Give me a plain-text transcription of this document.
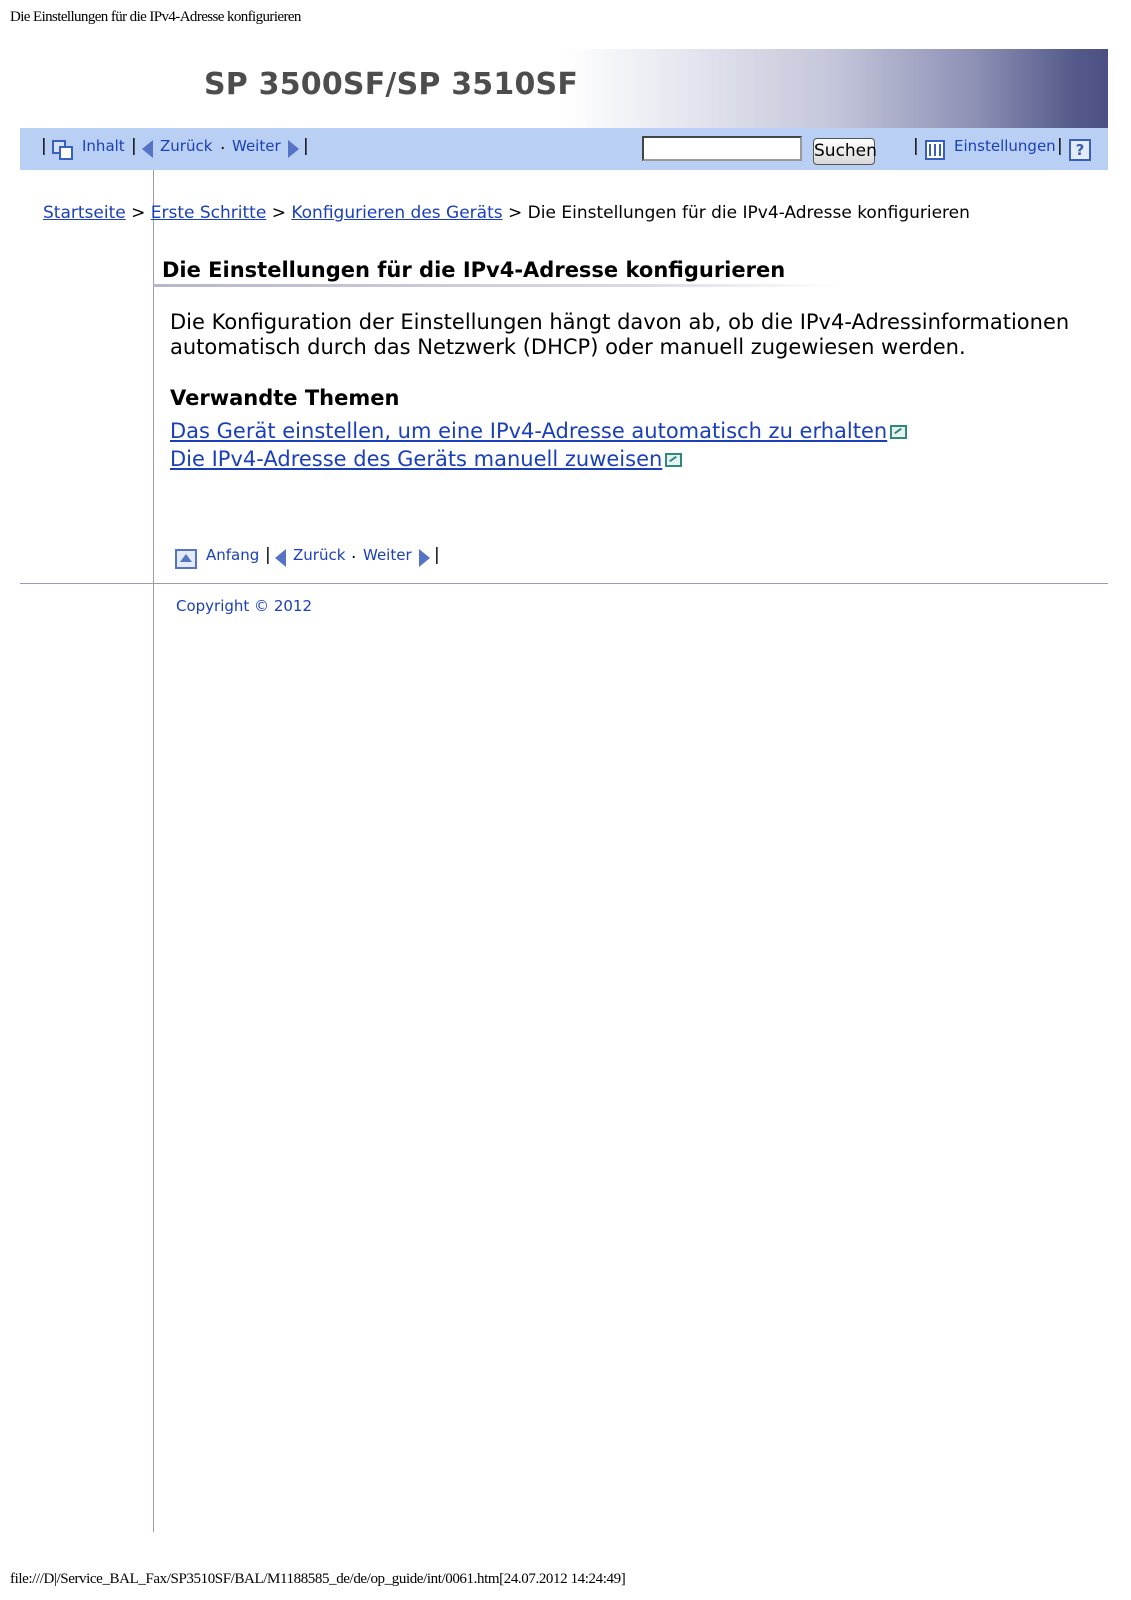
Die Einstellungen für die IPv4-Adresse konfigurieren
SP 3500SF/SP 3510SF
| Inhalt | Zurück . Weiter |	Suchen | Einstellungen | ?
Startseite > Erste Schritte > Konfigurieren des Geräts > Die Einstellungen für die IPv4-Adresse konfigurieren
Die Einstellungen für die IPv4-Adresse konfigurieren

Die Konfiguration der Einstellungen hängt davon ab, ob die IPv4-Adressinformationen automatisch durch das Netzwerk (DHCP) oder manuell zugewiesen werden.

Verwandte Themen
Das Gerät einstellen, um eine IPv4-Adresse automatisch zu erhalten
Die IPv4-Adresse des Geräts manuell zuweisen
Anfang | Zurück . Weiter |
Copyright © 2012
file:///D|/Service_BAL_Fax/SP3510SF/BAL/M1188585_de/de/op_guide/int/0061.htm[24.07.2012 14:24:49]
